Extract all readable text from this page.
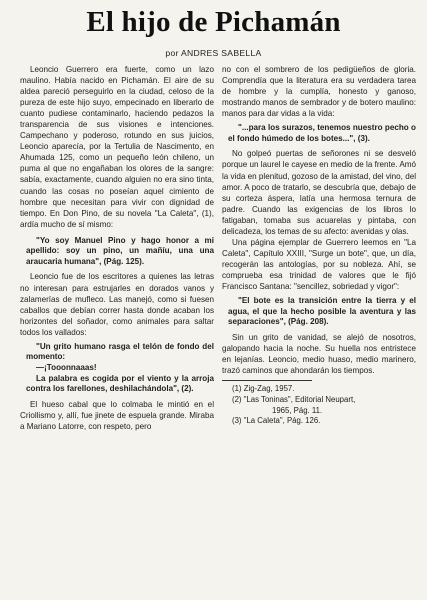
El hijo de Pichamán
por ANDRES SABELLA

Leoncio Guerrero era fuerte, como un lazo maulino. Había nacido en Pichamán. El aire de su aldea pareció perseguirlo en la ciudad, celoso de la pureza de este hijo suyo, empecinado en liberarlo de cuanto pudiese contaminarlo, haciendo pedazos la transparencia de sus visiones e intenciones. Campechano y poderoso, rotundo en sus juicios, Leoncio aparecía, por la Tertulia de Nascimento, en Ahumada 125, como un pequeño león chileno, un puma al que no engañaban los olores de la sangre: sabía, exactamente, cuando alguien no era sino tinta, cuando las cosas no poseían aquel cimiento de hombre que necesitan para vivir con dignidad de tiempo. En Don Pino, de su novela "La Caleta", (1), ardía mucho de sí mismo:

"Yo soy Manuel Pino y hago honor a mi apellido: soy un pino, un mañíu, una una araucaria humana", (Pág. 125).

Leoncio fue de los escritores a quienes las letras no interesan para estrujarles en dorados vanos y zalamerías de mufleco. Las manejó, como si fuesen caballos que debían correr hasta donde acaban los horizontes del soñador, como animales para saltar todos los vallados:

"Un grito humano rasga el telón de fondo del momento:

—¡Tooonnaaas!

La palabra es cogida por el viento y la arroja contra los farellones, deshilachándola", (2).

El hueso cabal que lo colmaba le mintió en el Criollismo y, allí, fue jinete de espuela grande. Miraba a Mariano Latorre, con respeto, pero

no con el sombrero de los pedigüeños de gloria. Comprendía que la literatura era su verdadera tarea de hombre y la cumplía, honesto y ganoso, mostrando manos de sembrador y de botero maulino: manos para dar vidas a la vida:

"...para los surazos, tenemos nuestro pecho o el fondo húmedo de los botes...", (3).

No golpeó puertas de señorones ni se desveló porque un laurel le cayese en medio de la frente. Amó la vida en plenitud, gozoso de la amistad, del vino, del amor. A poco de tratarlo, se descubría que, debajo de su corteza áspera, latía una hermosa ternura de padre. Cuando las exigencias de los libros lo fatigaban, tomaba sus acuarelas y pintaba, con delicadeza, los temas de su afecto: avenidas y olas.

Una página ejemplar de Guerrero leemos en "La Caleta", Capítulo XXIII, "Surge un bote", que, un día, recogerán las antologías, por su nobleza. Ahí, se comprueba esa trinidad de valores que le fijó Francisco Santana: "sencillez, sobriedad y vigor":

"El bote es la transición entre la tierra y el agua, el que la hecho posible la aventura y las separaciones", (Pág. 208).

Sin un grito de vanidad, se alejó de nosotros, galopando hacia la noche. Su huella nos entristece en lejanías. Leoncio, medio huaso, medio marinero, trazó caminos que ahondarán los tiempos.

(1) Zig-Zag, 1957.

(2) "Las Toninas", Editorial Neupart,
1965, Pág. 11.

(3) "La Caleta", Pág. 126.
